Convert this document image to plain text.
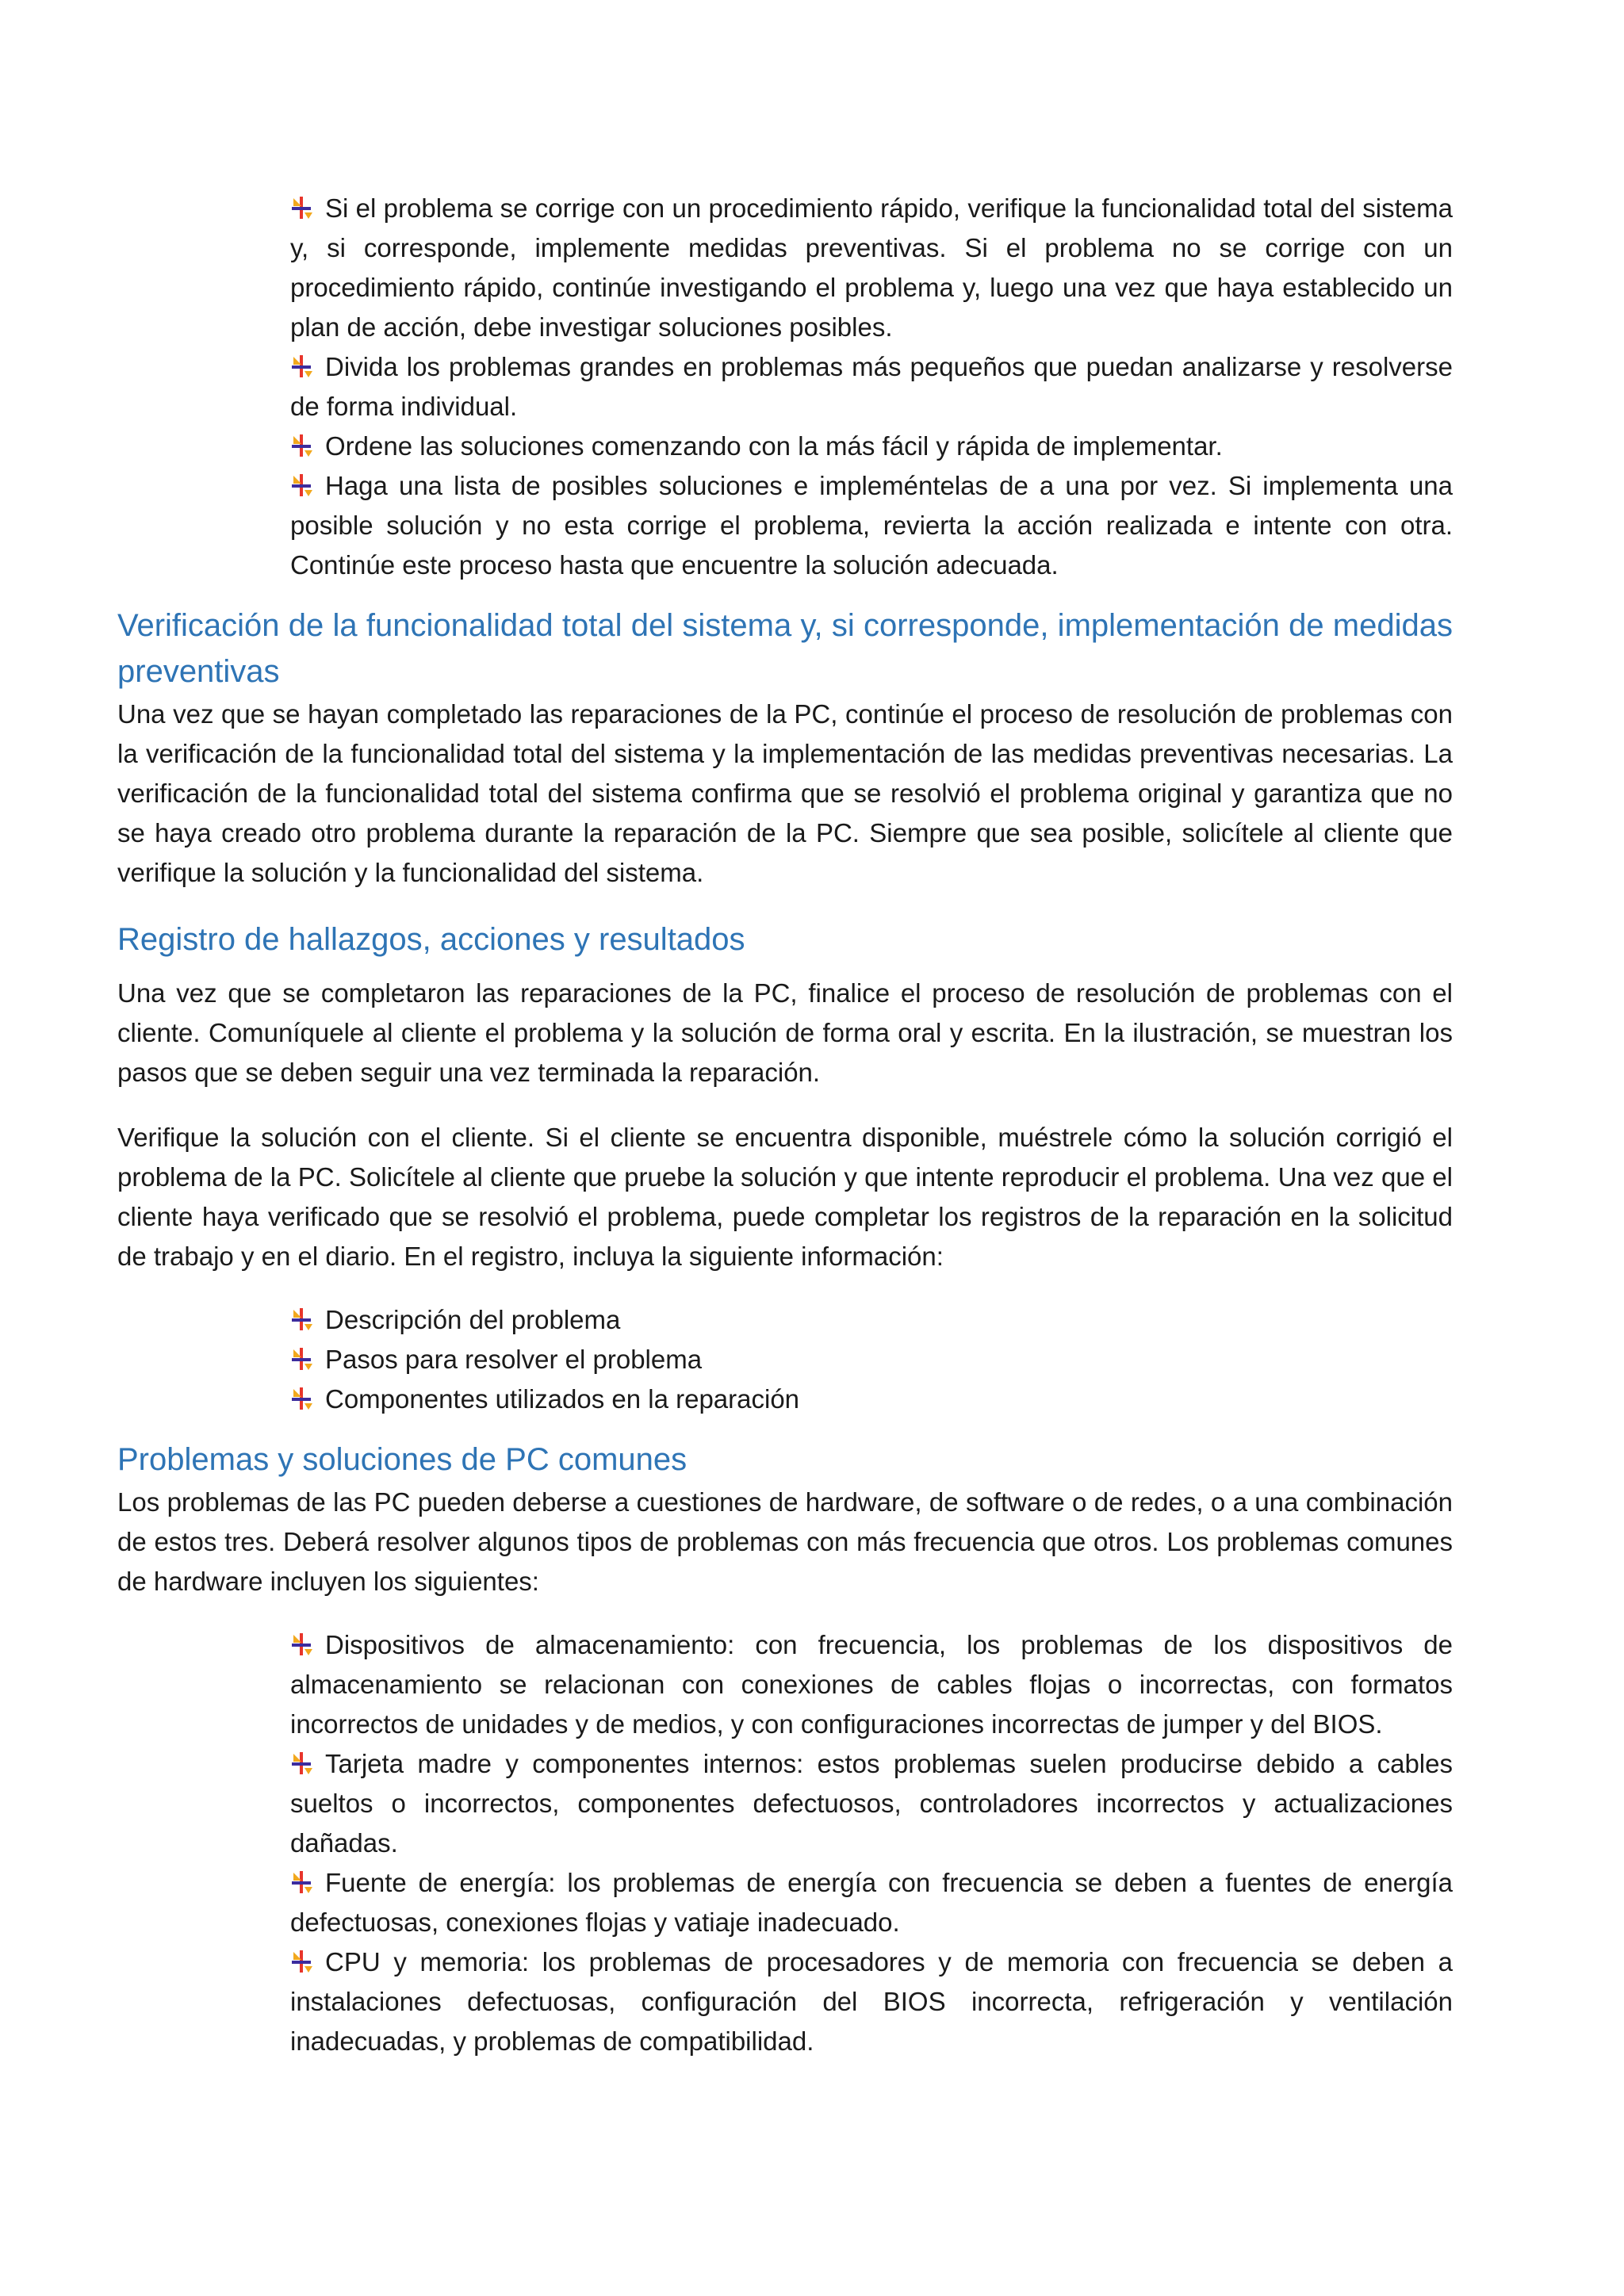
Si el problema se corrige con un procedimiento rápido, verifique la funcionalidad total del sistema y, si corresponde, implemente medidas preventivas. Si el problema no se corrige con un procedimiento rápido, continúe investigando el problema y, luego una vez que haya establecido un plan de acción, debe investigar soluciones posibles.
Divida los problemas grandes en problemas más pequeños que puedan analizarse y resolverse de forma individual.
Ordene las soluciones comenzando con la más fácil y rápida de implementar.
Haga una lista de posibles soluciones e impleméntelas de a una por vez. Si implementa una posible solución y no esta corrige el problema, revierta la acción realizada e intente con otra. Continúe este proceso hasta que encuentre la solución adecuada.
Verificación de la funcionalidad total del sistema y, si corresponde, implementación de medidas preventivas

Una vez que se hayan completado las reparaciones de la PC, continúe el proceso de resolución de problemas con la verificación de la funcionalidad total del sistema y la implementación de las medidas preventivas necesarias. La verificación de la funcionalidad total del sistema confirma que se resolvió el problema original y garantiza que no se haya creado otro problema durante la reparación de la PC. Siempre que sea posible, solicítele al cliente que verifique la solución y la funcionalidad del sistema.

Registro de hallazgos, acciones y resultados

Una vez que se completaron las reparaciones de la PC, finalice el proceso de resolución de problemas con el cliente. Comuníquele al cliente el problema y la solución de forma oral y escrita. En la ilustración, se muestran los pasos que se deben seguir una vez terminada la reparación.

Verifique la solución con el cliente. Si el cliente se encuentra disponible, muéstrele cómo la solución corrigió el problema de la PC. Solicítele al cliente que pruebe la solución y que intente reproducir el problema. Una vez que el cliente haya verificado que se resolvió el problema, puede completar los registros de la reparación en la solicitud de trabajo y en el diario. En el registro, incluya la siguiente información:

Descripción del problema
Pasos para resolver el problema
Componentes utilizados en la reparación
Problemas y soluciones de PC comunes

Los problemas de las PC pueden deberse a cuestiones de hardware, de software o de redes, o a una combinación de estos tres. Deberá resolver algunos tipos de problemas con más frecuencia que otros. Los problemas comunes de hardware incluyen los siguientes:

Dispositivos de almacenamiento: con frecuencia, los problemas de los dispositivos de almacenamiento se relacionan con conexiones de cables flojas o incorrectas, con formatos incorrectos de unidades y de medios, y con configuraciones incorrectas de jumper y del BIOS.
Tarjeta madre y componentes internos: estos problemas suelen producirse debido a cables sueltos o incorrectos, componentes defectuosos, controladores incorrectos y actualizaciones dañadas.
Fuente de energía: los problemas de energía con frecuencia se deben a fuentes de energía defectuosas, conexiones flojas y vatiaje inadecuado.
CPU y memoria: los problemas de procesadores y de memoria con frecuencia se deben a instalaciones defectuosas, configuración del BIOS incorrecta, refrigeración y ventilación inadecuadas, y problemas de compatibilidad.
